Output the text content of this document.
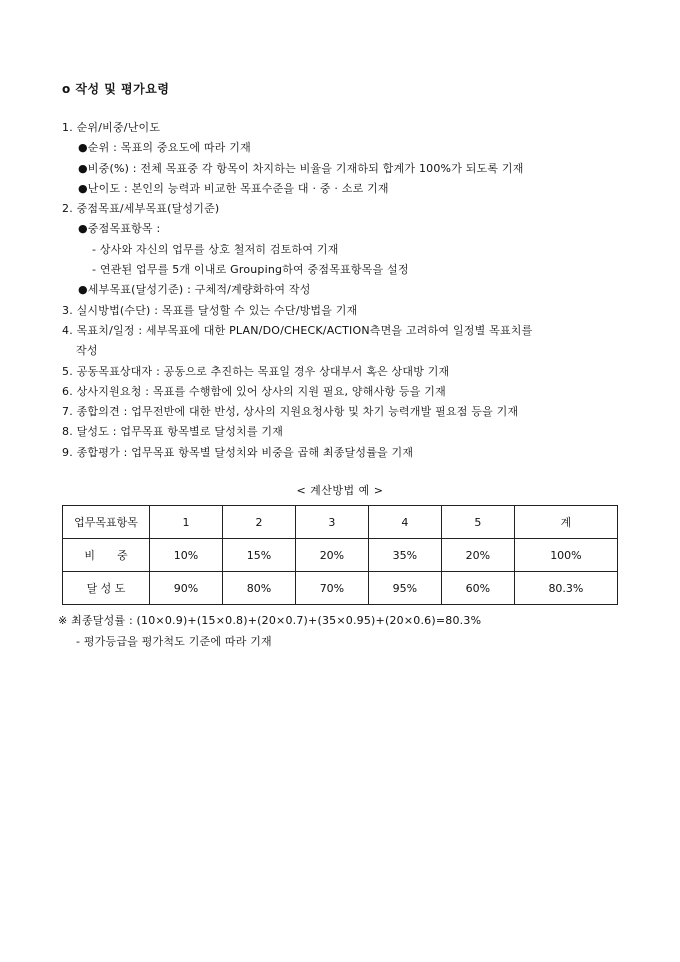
o 작성 및 평가요령
1. 순위/비중/난이도
●순위 : 목표의 중요도에 따라 기재
●비중(%) : 전체 목표중 각 항목이 차지하는 비율을 기재하되 합계가 100%가 되도록 기재
●난이도 : 본인의 능력과 비교한 목표수준을 대 · 중 · 소로 기재
2. 중점목표/세부목표(달성기준)
●중점목표항목 :
- 상사와 자신의 업무를 상호 철저히 검토하여 기재
- 연관된 업무를 5개 이내로 Grouping하여 중점목표항목을 설정
●세부목표(달성기준) : 구체적/계량화하여 작성
3. 실시방법(수단) : 목표를 달성할 수 있는 수단/방법을 기재
4. 목표치/일정 : 세부목표에 대한 PLAN/DO/CHECK/ACTION측면을 고려하여 일정별 목표치를
작성
5. 공동목표상대자 : 공동으로 추진하는 목표일 경우 상대부서 혹은 상대방 기재
6. 상사지원요청 : 목표를 수행함에 있어 상사의 지원 필요, 양해사항 등을 기재
7. 종합의견 : 업무전반에 대한 반성, 상사의 지원요청사항 및 차기 능력개발 필요점 등을 기재
8. 달성도 : 업무목표 항목별로 달성치를 기재
9. 종합평가 : 업무목표 항목별 달성치와 비중을 곱해 최종달성률을 기재
< 계산방법 예 >
업무목표항목	1	2	3	4	5	계
비　　중	10%	15%	20%	35%	20%	100%
달 성 도	90%	80%	70%	95%	60%	80.3%
※ 최종달성률 : (10×0.9)+(15×0.8)+(20×0.7)+(35×0.95)+(20×0.6)=80.3%
- 평가등급을 평가척도 기준에 따라 기재
